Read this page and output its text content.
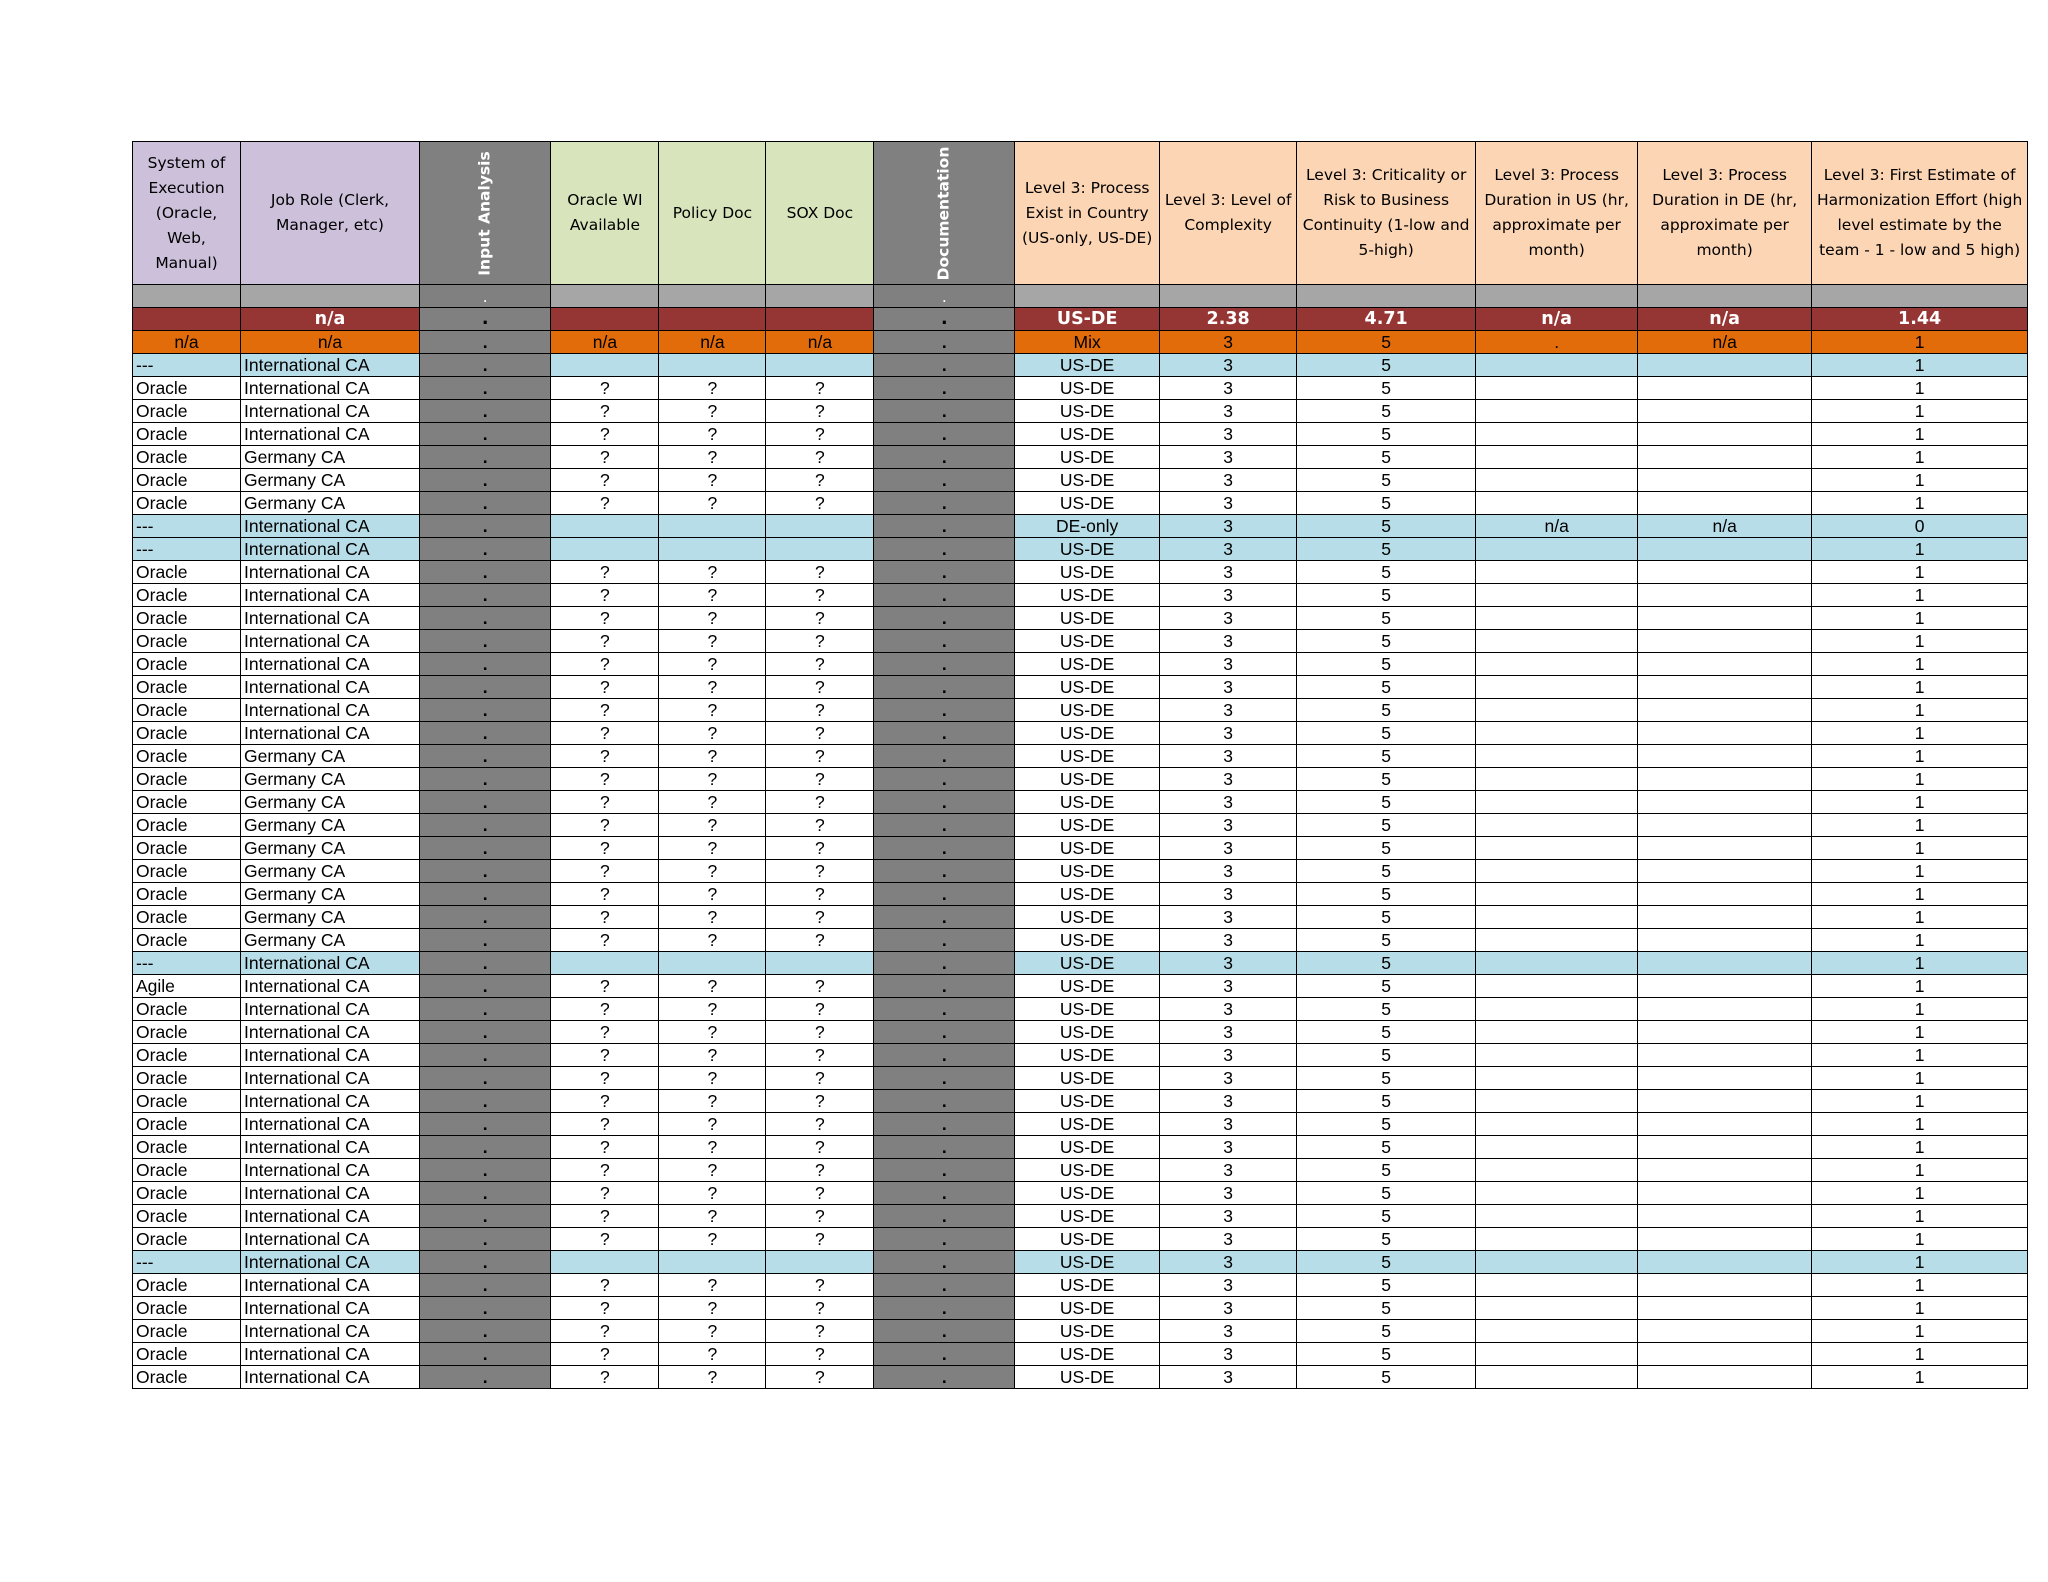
System of Execution (Oracle, Web, Manual)	Job Role (Clerk, Manager, etc)	Input Analysis	Oracle WI Available	Policy Doc	SOX Doc	Documentation	Level 3: Process Exist in Country (US-only, US-DE)	Level 3: Level of Complexity	Level 3: Criticality or Risk to Business Continuity (1-low and 5-high)	Level 3: Process Duration in US (hr, approximate per month)	Level 3: Process Duration in DE (hr, approximate per month)	Level 3: First Estimate of Harmonization Effort (high level estimate by the team - 1 - low and 5 high)
		.				.						
	n/a	.				.	US-DE	2.38	4.71	n/a	n/a	1.44
n/a	n/a	.	n/a	n/a	n/a	.	Mix	3	5	.	n/a	1
---	International CA	.				.	US-DE	3	5			1
Oracle	International CA	.	?	?	?	.	US-DE	3	5			1
Oracle	International CA	.	?	?	?	.	US-DE	3	5			1
Oracle	International CA	.	?	?	?	.	US-DE	3	5			1
Oracle	Germany CA	.	?	?	?	.	US-DE	3	5			1
Oracle	Germany CA	.	?	?	?	.	US-DE	3	5			1
Oracle	Germany CA	.	?	?	?	.	US-DE	3	5			1
---	International CA	.				.	DE-only	3	5	n/a	n/a	0
---	International CA	.				.	US-DE	3	5			1
Oracle	International CA	.	?	?	?	.	US-DE	3	5			1
Oracle	International CA	.	?	?	?	.	US-DE	3	5			1
Oracle	International CA	.	?	?	?	.	US-DE	3	5			1
Oracle	International CA	.	?	?	?	.	US-DE	3	5			1
Oracle	International CA	.	?	?	?	.	US-DE	3	5			1
Oracle	International CA	.	?	?	?	.	US-DE	3	5			1
Oracle	International CA	.	?	?	?	.	US-DE	3	5			1
Oracle	International CA	.	?	?	?	.	US-DE	3	5			1
Oracle	Germany CA	.	?	?	?	.	US-DE	3	5			1
Oracle	Germany CA	.	?	?	?	.	US-DE	3	5			1
Oracle	Germany CA	.	?	?	?	.	US-DE	3	5			1
Oracle	Germany CA	.	?	?	?	.	US-DE	3	5			1
Oracle	Germany CA	.	?	?	?	.	US-DE	3	5			1
Oracle	Germany CA	.	?	?	?	.	US-DE	3	5			1
Oracle	Germany CA	.	?	?	?	.	US-DE	3	5			1
Oracle	Germany CA	.	?	?	?	.	US-DE	3	5			1
Oracle	Germany CA	.	?	?	?	.	US-DE	3	5			1
---	International CA	.				.	US-DE	3	5			1
Agile	International CA	.	?	?	?	.	US-DE	3	5			1
Oracle	International CA	.	?	?	?	.	US-DE	3	5			1
Oracle	International CA	.	?	?	?	.	US-DE	3	5			1
Oracle	International CA	.	?	?	?	.	US-DE	3	5			1
Oracle	International CA	.	?	?	?	.	US-DE	3	5			1
Oracle	International CA	.	?	?	?	.	US-DE	3	5			1
Oracle	International CA	.	?	?	?	.	US-DE	3	5			1
Oracle	International CA	.	?	?	?	.	US-DE	3	5			1
Oracle	International CA	.	?	?	?	.	US-DE	3	5			1
Oracle	International CA	.	?	?	?	.	US-DE	3	5			1
Oracle	International CA	.	?	?	?	.	US-DE	3	5			1
Oracle	International CA	.	?	?	?	.	US-DE	3	5			1
---	International CA	.				.	US-DE	3	5			1
Oracle	International CA	.	?	?	?	.	US-DE	3	5			1
Oracle	International CA	.	?	?	?	.	US-DE	3	5			1
Oracle	International CA	.	?	?	?	.	US-DE	3	5			1
Oracle	International CA	.	?	?	?	.	US-DE	3	5			1
Oracle	International CA	.	?	?	?	.	US-DE	3	5			1
